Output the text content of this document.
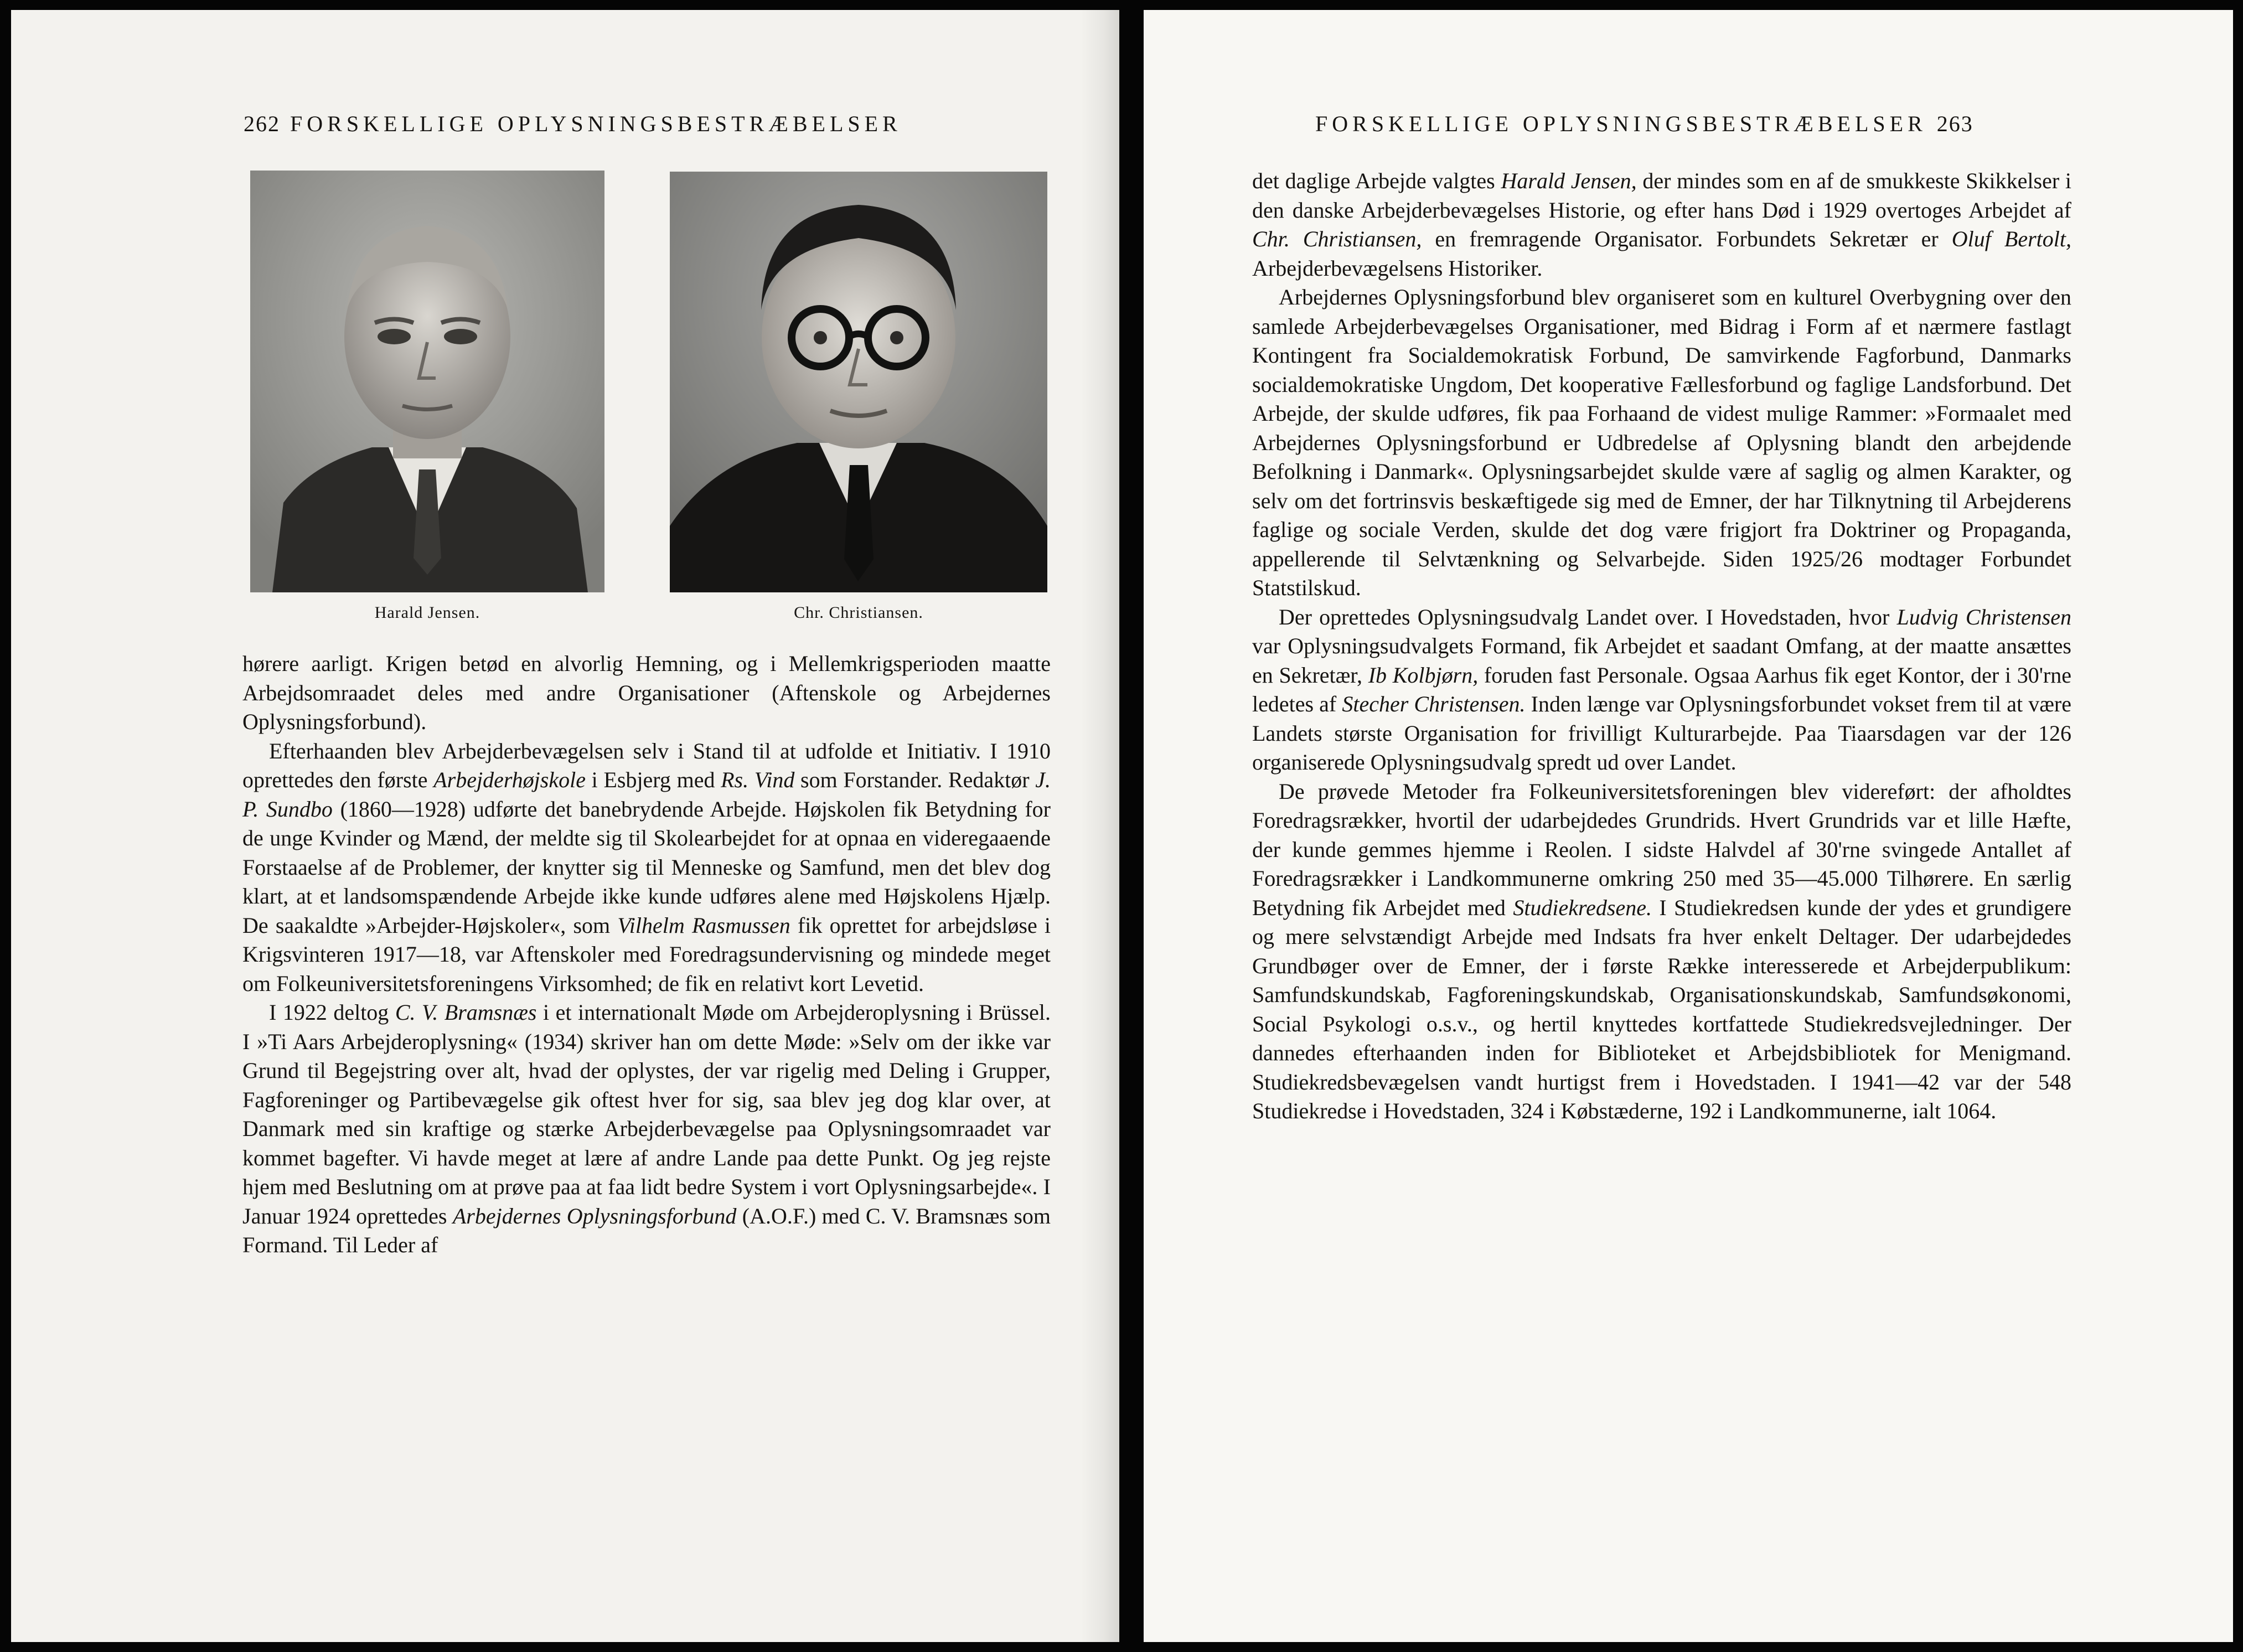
262 FORSKELLIGE OPLYSNINGSBESTRÆBELSER
Harald Jensen.	Chr. Christiansen.

hørere aarligt. Krigen betød en alvorlig Hemning, og i Mellemkrigsperioden maatte Arbejdsomraadet deles med andre Organisationer (Aftenskole og Arbejdernes Oplysningsforbund).

Efterhaanden blev Arbejderbevægelsen selv i Stand til at udfolde et Initiativ. I 1910 oprettedes den første Arbejderhøjskole i Esbjerg med Rs. Vind som Forstander. Redaktør J. P. Sundbo (1860—1928) udførte det banebrydende Arbejde. Højskolen fik Betydning for de unge Kvinder og Mænd, der meldte sig til Skolearbejdet for at opnaa en videregaaende Forstaaelse af de Problemer, der knytter sig til Menneske og Samfund, men det blev dog klart, at et landsomspændende Arbejde ikke kunde udføres alene med Højskolens Hjælp. De saakaldte »Arbejder-Højskoler«, som Vilhelm Rasmussen fik oprettet for arbejdsløse i Krigsvinteren 1917—18, var Aftenskoler med Foredragsundervisning og mindede meget om Folkeuniversitetsforeningens Virksomhed; de fik en relativt kort Levetid.

I 1922 deltog C. V. Bramsnæs i et internationalt Møde om Arbejderoplysning i Brüssel. I »Ti Aars Arbejderoplysning« (1934) skriver han om dette Møde: »Selv om der ikke var Grund til Begejstring over alt, hvad der oplystes, der var rigelig med Deling i Grupper, Fagforeninger og Partibevægelse gik oftest hver for sig, saa blev jeg dog klar over, at Danmark med sin kraftige og stærke Arbejderbevægelse paa Oplysningsomraadet var kommet bagefter. Vi havde meget at lære af andre Lande paa dette Punkt. Og jeg rejste hjem med Beslutning om at prøve paa at faa lidt bedre System i vort Oplysningsarbejde«. I Januar 1924 oprettedes Arbejdernes Oplysningsforbund (A.O.F.) med C. V. Bramsnæs som Formand. Til Leder af

FORSKELLIGE OPLYSNINGSBESTRÆBELSER 263

det daglige Arbejde valgtes Harald Jensen, der mindes som en af de smukkeste Skikkelser i den danske Arbejderbevægelses Historie, og efter hans Død i 1929 overtoges Arbejdet af Chr. Christiansen, en fremragende Organisator. Forbundets Sekretær er Oluf Bertolt, Arbejderbevægelsens Historiker.

Arbejdernes Oplysningsforbund blev organiseret som en kulturel Overbygning over den samlede Arbejderbevægelses Organisationer, med Bidrag i Form af et nærmere fastlagt Kontingent fra Socialdemokratisk Forbund, De samvirkende Fagforbund, Danmarks socialdemokratiske Ungdom, Det kooperative Fællesforbund og faglige Landsforbund. Det Arbejde, der skulde udføres, fik paa Forhaand de videst mulige Rammer: »Formaalet med Arbejdernes Oplysningsforbund er Udbredelse af Oplysning blandt den arbejdende Befolkning i Danmark«. Oplysningsarbejdet skulde være af saglig og almen Karakter, og selv om det fortrinsvis beskæftigede sig med de Emner, der har Tilknytning til Arbejderens faglige og sociale Verden, skulde det dog være frigjort fra Doktriner og Propaganda, appellerende til Selvtænkning og Selvarbejde. Siden 1925/26 modtager Forbundet Statstilskud.

Der oprettedes Oplysningsudvalg Landet over. I Hovedstaden, hvor Ludvig Christensen var Oplysningsudvalgets Formand, fik Arbejdet et saadant Omfang, at der maatte ansættes en Sekretær, Ib Kolbjørn, foruden fast Personale. Ogsaa Aarhus fik eget Kontor, der i 30'rne ledetes af Stecher Christensen. Inden længe var Oplysningsforbundet vokset frem til at være Landets største Organisation for frivilligt Kulturarbejde. Paa Tiaarsdagen var der 126 organiserede Oplysningsudvalg spredt ud over Landet.

De prøvede Metoder fra Folkeuniversitetsforeningen blev videreført: der afholdtes Foredragsrækker, hvortil der udarbejdedes Grundrids. Hvert Grundrids var et lille Hæfte, der kunde gemmes hjemme i Reolen. I sidste Halvdel af 30'rne svingede Antallet af Foredragsrækker i Landkommunerne omkring 250 med 35—45.000 Tilhørere. En særlig Betydning fik Arbejdet med Studiekredsene. I Studiekredsen kunde der ydes et grundigere og mere selvstændigt Arbejde med Indsats fra hver enkelt Deltager. Der udarbejdedes Grundbøger over de Emner, der i første Række interesserede et Arbejderpublikum: Samfundskundskab, Fagforeningskundskab, Organisationskundskab, Samfundsøkonomi, Social Psykologi o.s.v., og hertil knyttedes kortfattede Studiekredsvejledninger. Der dannedes efterhaanden inden for Biblioteket et Arbejdsbibliotek for Menigmand. Studiekredsbevægelsen vandt hurtigst frem i Hovedstaden. I 1941—42 var der 548 Studiekredse i Hovedstaden, 324 i Købstæderne, 192 i Landkommunerne, ialt 1064.
